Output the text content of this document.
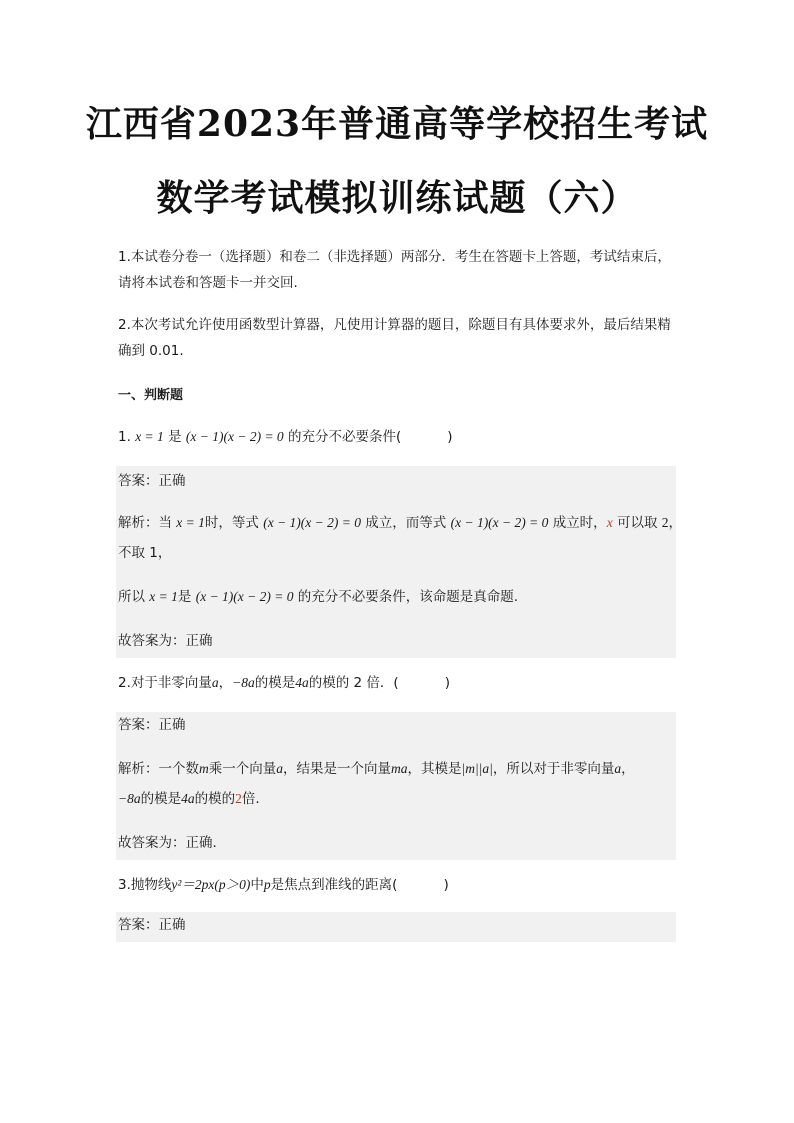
江西省2023年普通高等学校招生考试
数学考试模拟训练试题（六）
1.本试卷分卷一（选择题）和卷二（非选择题）两部分．考生在答题卡上答题，考试结束后，请将本试卷和答题卡一并交回.
2.本次考试允许使用函数型计算器，凡使用计算器的题目，除题目有具体要求外，最后结果精确到 0.01.
一、判断题
1. x = 1 是 (x − 1)(x − 2) = 0 的充分不必要条件(	)
答案：正确
解析：当 x = 1时，等式 (x − 1)(x − 2) = 0 成立，而等式 (x − 1)(x − 2) = 0 成立时，x 可以取 2，
不取 1，
所以 x = 1是 (x − 1)(x − 2) = 0 的充分不必要条件，该命题是真命题.
故答案为：正确
2.对于非零向量a，−8a的模是4a的模的 2 倍．(	)
答案：正确
解析：一个数m乘一个向量a，结果是一个向量ma，其模是|m||a|，所以对于非零向量a，
−8a的模是4a的模的2倍.
故答案为：正确.
3.抛物线y²＝2px(p＞0)中p是焦点到准线的距离(	)
答案：正确
